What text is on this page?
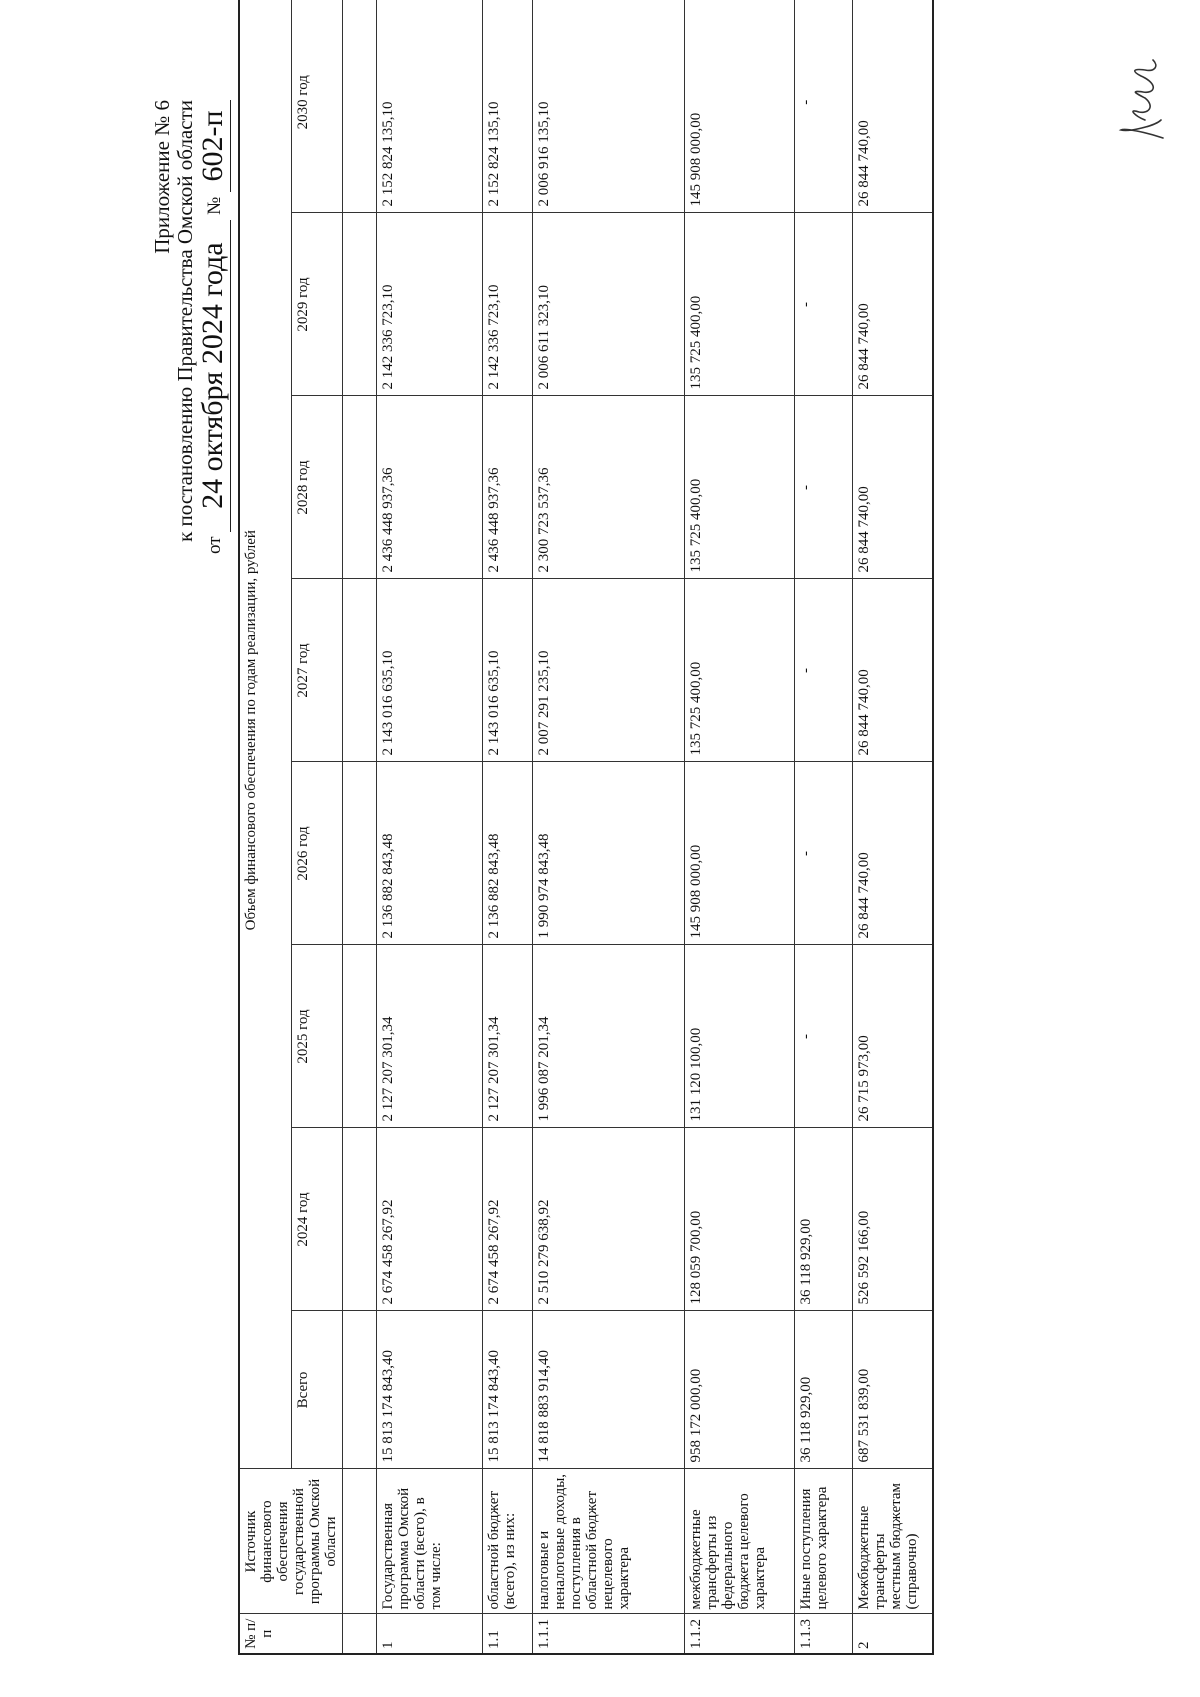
Приложение № 6 к постановлению Правительства Омской области
от 24 октября 2024 года № 602-п
№ п/п	Источник финансового обеспечения государственной программы Омской области	Объем финансового обеспечения по годам реализации, рублей							
		Всего	2024 год	2025 год	2026 год	2027 год	2028 год	2029 год	2030 год

1	Государственная программа Омской области (всего), в том числе:	15 813 174 843,40	2 674 458 267,92	2 127 207 301,34	2 136 882 843,48	2 143 016 635,10	2 436 448 937,36	2 142 336 723,10	2 152 824 135,10
1.1	областной бюджет (всего), из них:	15 813 174 843,40	2 674 458 267,92	2 127 207 301,34	2 136 882 843,48	2 143 016 635,10	2 436 448 937,36	2 142 336 723,10	2 152 824 135,10
1.1.1	налоговые и неналоговые доходы, поступления в областной бюджет нецелевого характера	14 818 883 914,40	2 510 279 638,92	1 996 087 201,34	1 990 974 843,48	2 007 291 235,10	2 300 723 537,36	2 006 611 323,10	2 006 916 135,10
1.1.2	межбюджетные трансферты из федерального бюджета целевого характера	958 172 000,00	128 059 700,00	131 120 100,00	145 908 000,00	135 725 400,00	135 725 400,00	135 725 400,00	145 908 000,00
1.1.3	Иные поступления целевого характера	36 118 929,00	36 118 929,00	-	-	-	-	-	-
2	Межбюджетные трансферты местным бюджетам (справочно)	687 531 839,00	526 592 166,00	26 715 973,00	26 844 740,00	26 844 740,00	26 844 740,00	26 844 740,00	26 844 740,00
